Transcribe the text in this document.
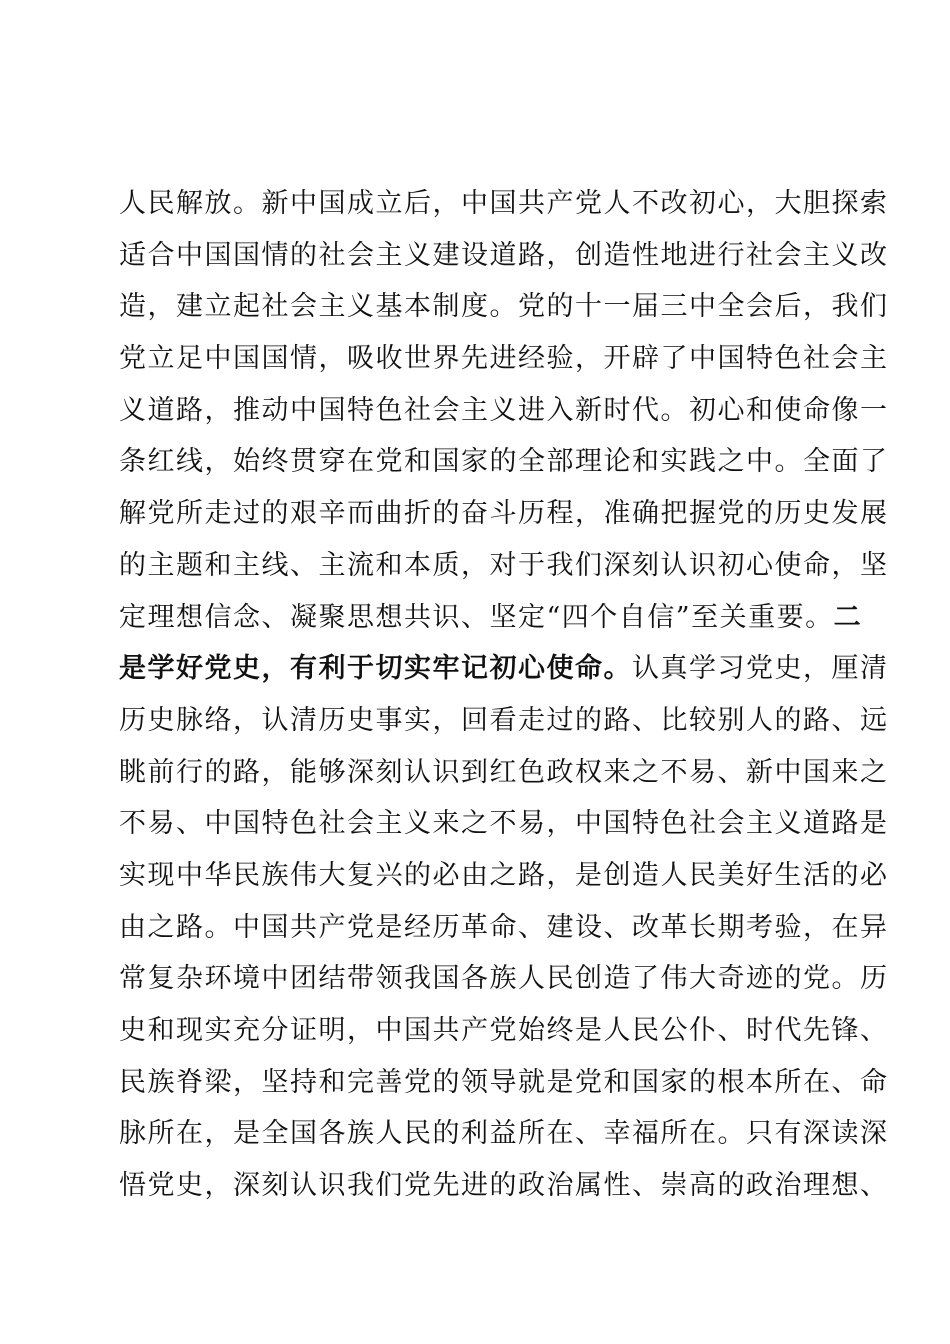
人民解放。新中国成立后，中国共产党人不改初心，大胆探索
适合中国国情的社会主义建设道路，创造性地进行社会主义改
造，建立起社会主义基本制度。党的十一届三中全会后，我们
党立足中国国情，吸收世界先进经验，开辟了中国特色社会主
义道路，推动中国特色社会主义进入新时代。初心和使命像一
条红线，始终贯穿在党和国家的全部理论和实践之中。全面了
解党所走过的艰辛而曲折的奋斗历程，准确把握党的历史发展
的主题和主线、主流和本质，对于我们深刻认识初心使命，坚
定理想信念、凝聚思想共识、坚定“四个自信”至关重要。二
是学好党史，有利于切实牢记初心使命。认真学习党史，厘清
历史脉络，认清历史事实，回看走过的路、比较别人的路、远
眺前行的路，能够深刻认识到红色政权来之不易、新中国来之
不易、中国特色社会主义来之不易，中国特色社会主义道路是
实现中华民族伟大复兴的必由之路，是创造人民美好生活的必
由之路。中国共产党是经历革命、建设、改革长期考验，在异
常复杂环境中团结带领我国各族人民创造了伟大奇迹的党。历
史和现实充分证明，中国共产党始终是人民公仆、时代先锋、
民族脊梁，坚持和完善党的领导就是党和国家的根本所在、命
脉所在，是全国各族人民的利益所在、幸福所在。只有深读深
悟党史，深刻认识我们党先进的政治属性、崇高的政治理想、
